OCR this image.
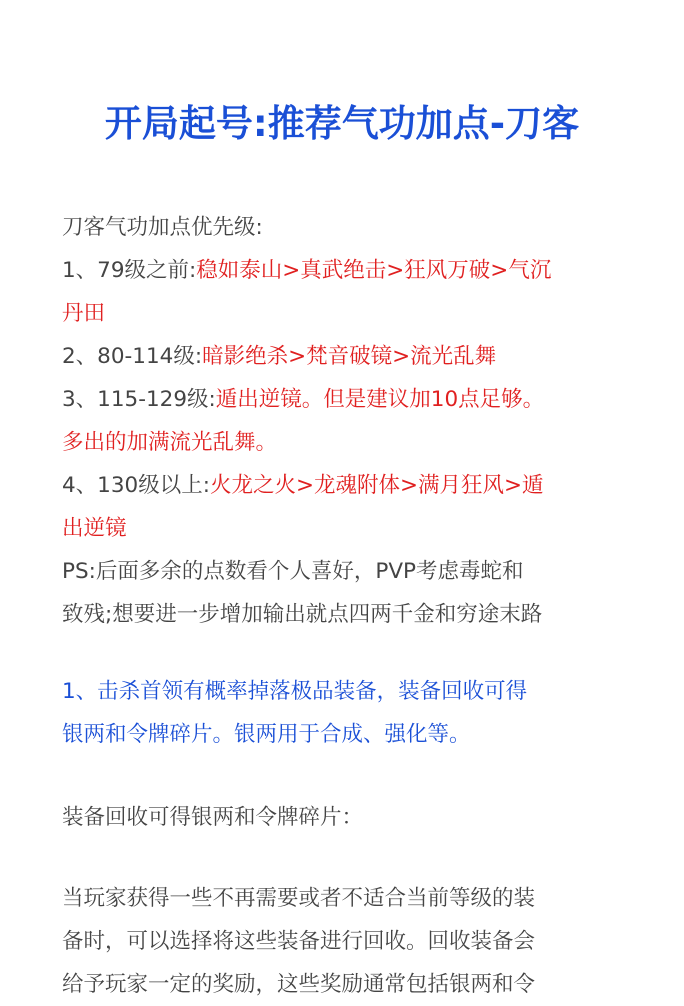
开局起号:推荐气功加点-刀客
刀客气功加点优先级:
1、79级之前:稳如泰山>真武绝击>狂风万破>气沉
丹田
2、80-114级:暗影绝杀>梵音破镜>流光乱舞
3、115-129级:遁出逆镜。但是建议加10点足够。
多出的加满流光乱舞。
4、130级以上:火龙之火>龙魂附体>满月狂风>遁
出逆镜
PS:后面多余的点数看个人喜好，PVP考虑毒蛇和
致残;想要进一步增加输出就点四两千金和穷途末路
1、击杀首领有概率掉落极品装备，装备回收可得
银两和令牌碎片。银两用于合成、强化等。
装备回收可得银两和令牌碎片：
当玩家获得一些不再需要或者不适合当前等级的装
备时，可以选择将这些装备进行回收。回收装备会
给予玩家一定的奖励，这些奖励通常包括银两和令
